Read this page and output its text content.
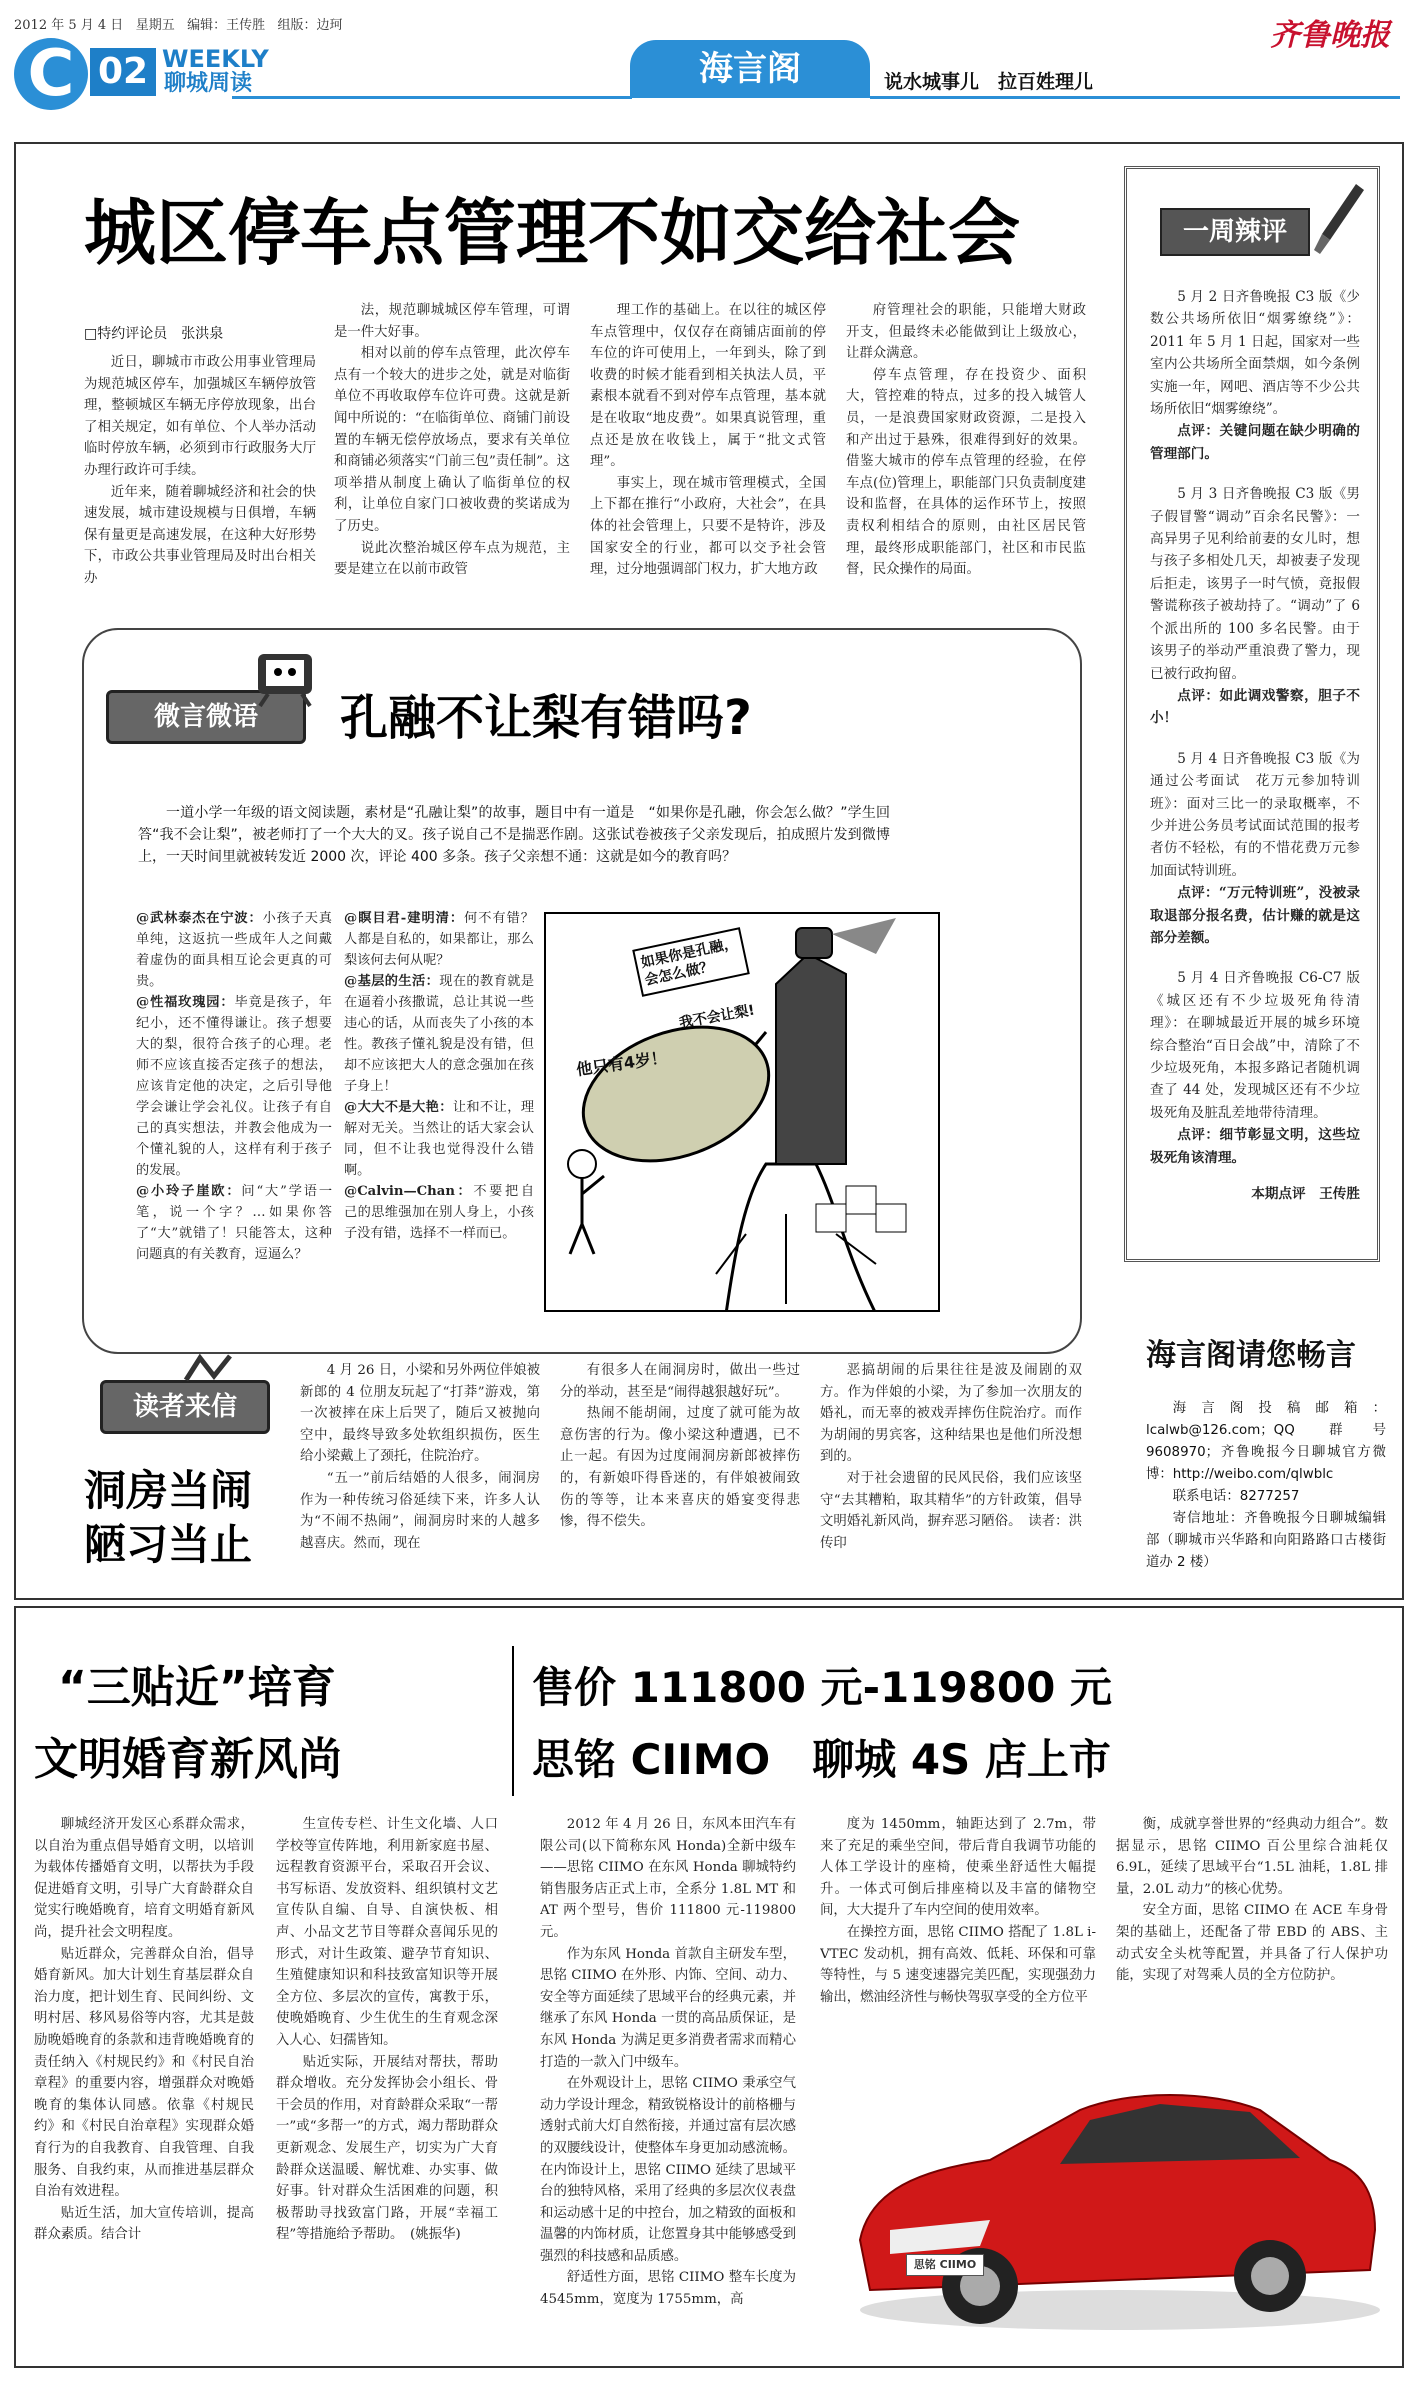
2012 年 5 月 4 日 星期五 编辑：王传胜 组版：边珂
C 02 WEEKLY
聊城周读	海言阁	说水城事儿　拉百姓理儿
齐鲁晚报
城区停车点管理不如交给社会
□特约评论员　张洪泉

近日，聊城市市政公用事业管理局为规范城区停车，加强城区车辆停放管理，整顿城区车辆无序停放现象，出台了相关规定，如有单位、个人举办活动临时停放车辆，必须到市行政服务大厅办理行政许可手续。

近年来，随着聊城经济和社会的快速发展，城市建设规模与日俱增，车辆保有量更是高速发展，在这种大好形势下，市政公共事业管理局及时出台相关办

法，规范聊城城区停车管理，可谓是一件大好事。

相对以前的停车点管理，此次停车点有一个较大的进步之处，就是对临街单位不再收取停车位许可费。这就是新闻中所说的：“在临街单位、商铺门前设置的车辆无偿停放场点，要求有关单位和商铺必须落实“门前三包”责任制”。这项举措从制度上确认了临街单位的权利，让单位自家门口被收费的奖诺成为了历史。

说此次整治城区停车点为规范，主要是建立在以前市政管

理工作的基础上。在以往的城区停车点管理中，仅仅存在商铺店面前的停车位的许可使用上，一年到头，除了到收费的时候才能看到相关执法人员，平素根本就看不到对停车点管理，基本就是在收取“地皮费”。如果真说管理，重点还是放在收钱上，属于“批文式管理”。

事实上，现在城市管理模式，全国上下都在推行“小政府，大社会”，在具体的社会管理上，只要不是特许，涉及国家安全的行业，都可以交予社会管理，过分地强调部门权力，扩大地方政

府管理社会的职能，只能增大财政开支，但最终未必能做到让上级放心，让群众满意。

停车点管理，存在投资少、面积大，管控难的特点，过多的投入城管人员，一是浪费国家财政资源，二是投入和产出过于悬殊，很难得到好的效果。借鉴大城市的停车点管理的经验，在停车点(位)管理上，职能部门只负责制度建设和监督，在具体的运作环节上，按照责权利相结合的原则，由社区居民管理，最终形成职能部门，社区和市民监督，民众操作的局面。

一周辣评

5 月 2 日齐鲁晚报 C3 版《少数公共场所依旧“烟雾缭绕”》：2011 年 5 月 1 日起，国家对一些室内公共场所全面禁烟，如今条例实施一年，网吧、酒店等不少公共场所依旧“烟雾缭绕”。

点评：关键问题在缺少明确的管理部门。

5 月 3 日齐鲁晚报 C3 版《男子假冒警“调动”百余名民警》：一高异男子见利给前妻的女儿时，想与孩子多相处几天，却被妻子发现后拒走，该男子一时气愤，竟报假警谎称孩子被劫持了。“调动”了 6 个派出所的 100 多名民警。由于该男子的举动严重浪费了警力，现已被行政拘留。

点评：如此调戏警察，胆子不小！

5 月 4 日齐鲁晚报 C3 版《为通过公考面试　花万元参加特训班》：面对三比一的录取概率，不少并进公务员考试面试范围的报考者仿不轻松，有的不惜花费万元参加面试特训班。

点评：“万元特训班”，没被录取退部分报名费，估计赚的就是这部分差额。

5 月 4 日齐鲁晚报 C6-C7 版《城区还有不少垃圾死角待清理》：在聊城最近开展的城乡环境综合整治“百日会战”中，清除了不少垃圾死角，本报多路记者随机调查了 44 处，发现城区还有不少垃圾死角及脏乱差地带待清理。

点评：细节彰显文明，这些垃圾死角该清理。

本期点评　王传胜

微言微语	孔融不让梨有错吗?
一道小学一年级的语文阅读题，素材是“孔融让梨”的故事，题目中有一道是　“如果你是孔融，你会怎么做？”学生回答“我不会让梨”，被老师打了一个大大的叉。孩子说自己不是揣恶作剧。这张试卷被孩子父亲发现后，拍成照片发到微博上，一天时间里就被转发近 2000 次，评论 400 多条。孩子父亲想不通：这就是如今的教育吗？

@武林泰杰在宁波：小孩子天真单纯，这返抗一些成年人之间戴着虚伪的面具相互论会更真的可贵。

@性福玫瑰园：毕竟是孩子，年纪小，还不懂得谦让。孩子想要大的梨，很符合孩子的心理。老师不应该直接否定孩子的想法，应该肯定他的决定，之后引导他学会谦让学会礼仪。让孩子有自己的真实想法，并教会他成为一个懂礼貌的人，这样有利于孩子的发展。

@小玲子崖欧：问“大”学语一笔，说一个字？…如果你答了“大”就错了！只能答太，这种问题真的有关教育，逗逼么？

@瞑目君-建明清：何不有错？人都是自私的，如果都让，那么梨该何去何从呢？

@基层的生活：现在的教育就是在逼着小孩撒谎，总让其说一些违心的话，从而丧失了小孩的本性。教孩子懂礼貌是没有错，但却不应该把大人的意念强加在孩子身上！

@大大不是大艳：让和不让，理解对无关。当然让的话大家会认同，但不让我也觉得没什么错啊。

@Calvin—Chan：不要把自己的思维强加在别人身上，小孩子没有错，选择不一样而已。

如果你是孔融，会怎么做？
我不会让梨!
他只有4岁！
读者来信
洞房当闹
陋习当止

4 月 26 日，小梁和另外两位伴娘被新郎的 4 位朋友玩起了“打莽”游戏，第一次被摔在床上后哭了，随后又被抛向空中，最终导致多处软组织损伤，医生给小梁戴上了颈托，住院治疗。

“五一”前后结婚的人很多，闹洞房作为一种传统习俗延续下来，许多人认为“不闹不热闹”，闹洞房时来的人越多越喜庆。然而，现在

有很多人在闹洞房时，做出一些过分的举动，甚至是“闹得越狠越好玩”。

热闹不能胡闹，过度了就可能为故意伤害的行为。像小梁这种遭遇，已不止一起。有因为过度闹洞房新郎被摔伤的，有新娘吓得昏迷的，有伴娘被闹致伤的等等，让本来喜庆的婚宴变得悲惨，得不偿失。

恶搞胡闹的后果往往是波及闹剧的双方。作为伴娘的小梁，为了参加一次朋友的婚礼，而无辜的被戏弄摔伤住院治疗。而作为胡闹的男宾客，这种结果也是他们所没想到的。

对于社会遗留的民风民俗，我们应该坚守“去其糟粕，取其精华”的方针政策，倡导文明婚礼新风尚，摒弃恶习陋俗。　读者：洪传印

海言阁请您畅言

海言阁投稿邮箱：lcalwb@126.com；QQ 群号 9608970；齐鲁晚报今日聊城官方微博：http://weibo.com/qlwblc

联系电话：8277257

寄信地址：齐鲁晚报今日聊城编辑部（聊城市兴华路和向阳路路口古楼街道办 2 楼）

“三贴近”培育
文明婚育新风尚

聊城经济开发区心系群众需求，以自治为重点倡导婚育文明，以培训为载体传播婚育文明，以帮扶为手段促进婚育文明，引导广大育龄群众自觉实行晚婚晚育，培育文明婚育新风尚，提升社会文明程度。

贴近群众，完善群众自治，倡导婚育新风。加大计划生育基层群众自治力度，把计划生育、民间纠纷、文明村居、移风易俗等内容，尤其是鼓励晚婚晚育的条款和违背晚婚晚育的责任纳入《村规民约》和《村民自治章程》的重要内容，增强群众对晚婚晚育的集体认同感。依靠《村规民约》和《村民自治章程》实现群众婚育行为的自我教育、自我管理、自我服务、自我约束，从而推进基层群众自治有效进程。

贴近生活，加大宣传培训，提高群众素质。结合计

生宣传专栏、计生文化墙、人口学校等宣传阵地，利用新家庭书屋、远程教育资源平台，采取召开会议、书写标语、发放资料、组织镇村文艺宣传队自编、自导、自演快板、相声、小品文艺节目等群众喜闻乐见的形式，对计生政策、避孕节育知识、生殖健康知识和科技致富知识等开展全方位、多层次的宣传，寓教于乐，使晚婚晚育、少生优生的生育观念深入人心、妇孺皆知。

贴近实际，开展结对帮扶，帮助群众增收。充分发挥协会小组长、骨干会员的作用，对育龄群众采取“一帮一”或“多帮一”的方式，竭力帮助群众更新观念、发展生产，切实为广大育龄群众送温暖、解忧难、办实事、做好事。针对群众生活困难的问题，积极帮助寻找致富门路，开展“幸福工程”等措施给予帮助。　(姚振华)

售价 111800 元-119800 元
思铭 CIIMO　聊城 4S 店上市

2012 年 4 月 26 日，东风本田汽车有限公司(以下简称东风 Honda)全新中级车——思铭 CIIMO 在东风 Honda 聊城特约销售服务店正式上市，全系分 1.8L MT 和 AT 两个型号，售价 111800 元-119800 元。

作为东风 Honda 首款自主研发车型，思铭 CIIMO 在外形、内饰、空间、动力、安全等方面延续了思域平台的经典元素，并继承了东风 Honda 一贯的高品质保证，是东风 Honda 为满足更多消费者需求而精心打造的一款入门中级车。

在外观设计上，思铭 CIIMO 秉承空气动力学设计理念，精致锐格设计的前格栅与透射式前大灯自然衔接，并通过富有层次感的双腰线设计，使整体车身更加动感流畅。在内饰设计上，思铭 CIIMO 延续了思域平台的独特风格，采用了经典的多层次仪表盘和运动感十足的中控台，加之精致的面板和温馨的内饰材质，让您置身其中能够感受到强烈的科技感和品质感。

舒适性方面，思铭 CIIMO 整车长度为 4545mm，宽度为 1755mm，高

度为 1450mm，轴距达到了 2.7m，带来了充足的乘坐空间，带后背自我调节功能的人体工学设计的座椅，使乘坐舒适性大幅提升。一体式可倒后排座椅以及丰富的储物空间，大大提升了车内空间的使用效率。

在操控方面，思铭 CIIMO 搭配了 1.8L i-VTEC 发动机，拥有高效、低耗、环保和可靠等特性，与 5 速变速器完美匹配，实现强劲力输出，燃油经济性与畅快驾驭享受的全方位平

衡，成就享誉世界的“经典动力组合”。数据显示，思铭 CIIMO 百公里综合油耗仅 6.9L，延续了思域平台“1.5L 油耗，1.8L 排量，2.0L 动力”的核心优势。

安全方面，思铭 CIIMO 在 ACE 车身骨架的基础上，还配备了带 EBD 的 ABS、主动式安全头枕等配置，并具备了行人保护功能，实现了对驾乘人员的全方位防护。

思铭 CIIMO
